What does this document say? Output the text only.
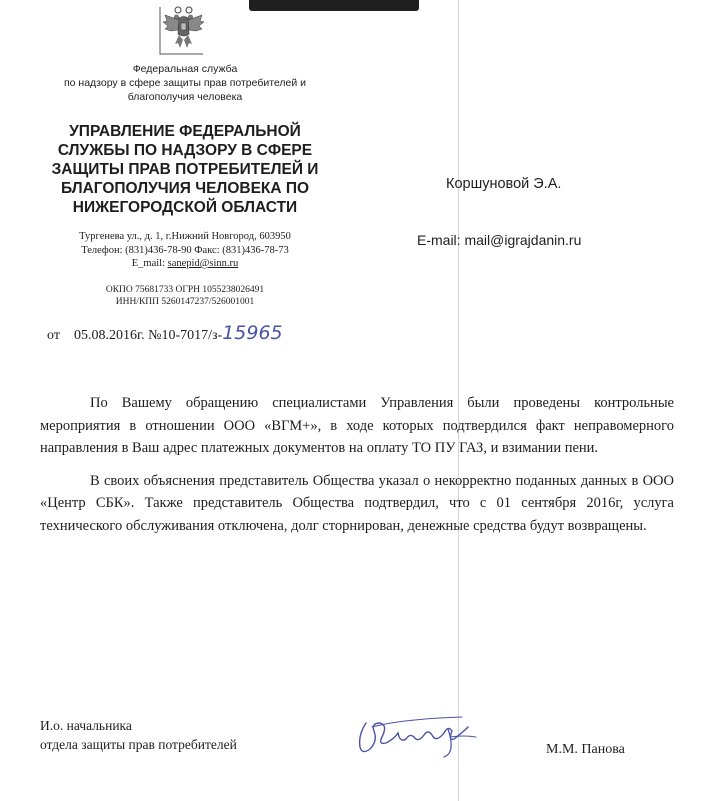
Федеральная служба
по надзору в сфере защиты прав потребителей и
благополучия человека
УПРАВЛЕНИЕ ФЕДЕРАЛЬНОЙ
СЛУЖБЫ ПО НАДЗОРУ В СФЕРЕ
ЗАЩИТЫ ПРАВ ПОТРЕБИТЕЛЕЙ И
БЛАГОПОЛУЧИЯ ЧЕЛОВЕКА ПО
НИЖЕГОРОДСКОЙ ОБЛАСТИ
Тургенева ул., д. 1, г.Нижний Новгород, 603950
Телефон: (831)436-78-90 Факс: (831)436-78-73
E_mail: sanepid@sinn.ru
ОКПО 75681733 ОГРН 1055238026491
ИНН/КПП 5260147237/526001001
от 05.08.2016г. №10-7017/з-15965
Коршуновой Э.А.
E-mail: mail@igrajdanin.ru

По Вашему обращению специалистами Управления были проведены контрольные мероприятия в отношении ООО «ВГМ+», в ходе которых подтвердился факт неправомерного направления в Ваш адрес платежных документов на оплату ТО ПУ ГАЗ, и взимании пени.

В своих объяснения представитель Общества указал о некорректно поданных данных в ООО «Центр СБК». Также представитель Общества подтвердил, что с 01 сентября 2016г, услуга технического обслуживания отключена, долг сторнирован, денежные средства будут возвращены.

И.о. начальника
отдела защиты прав потребителей	М.М. Панова
